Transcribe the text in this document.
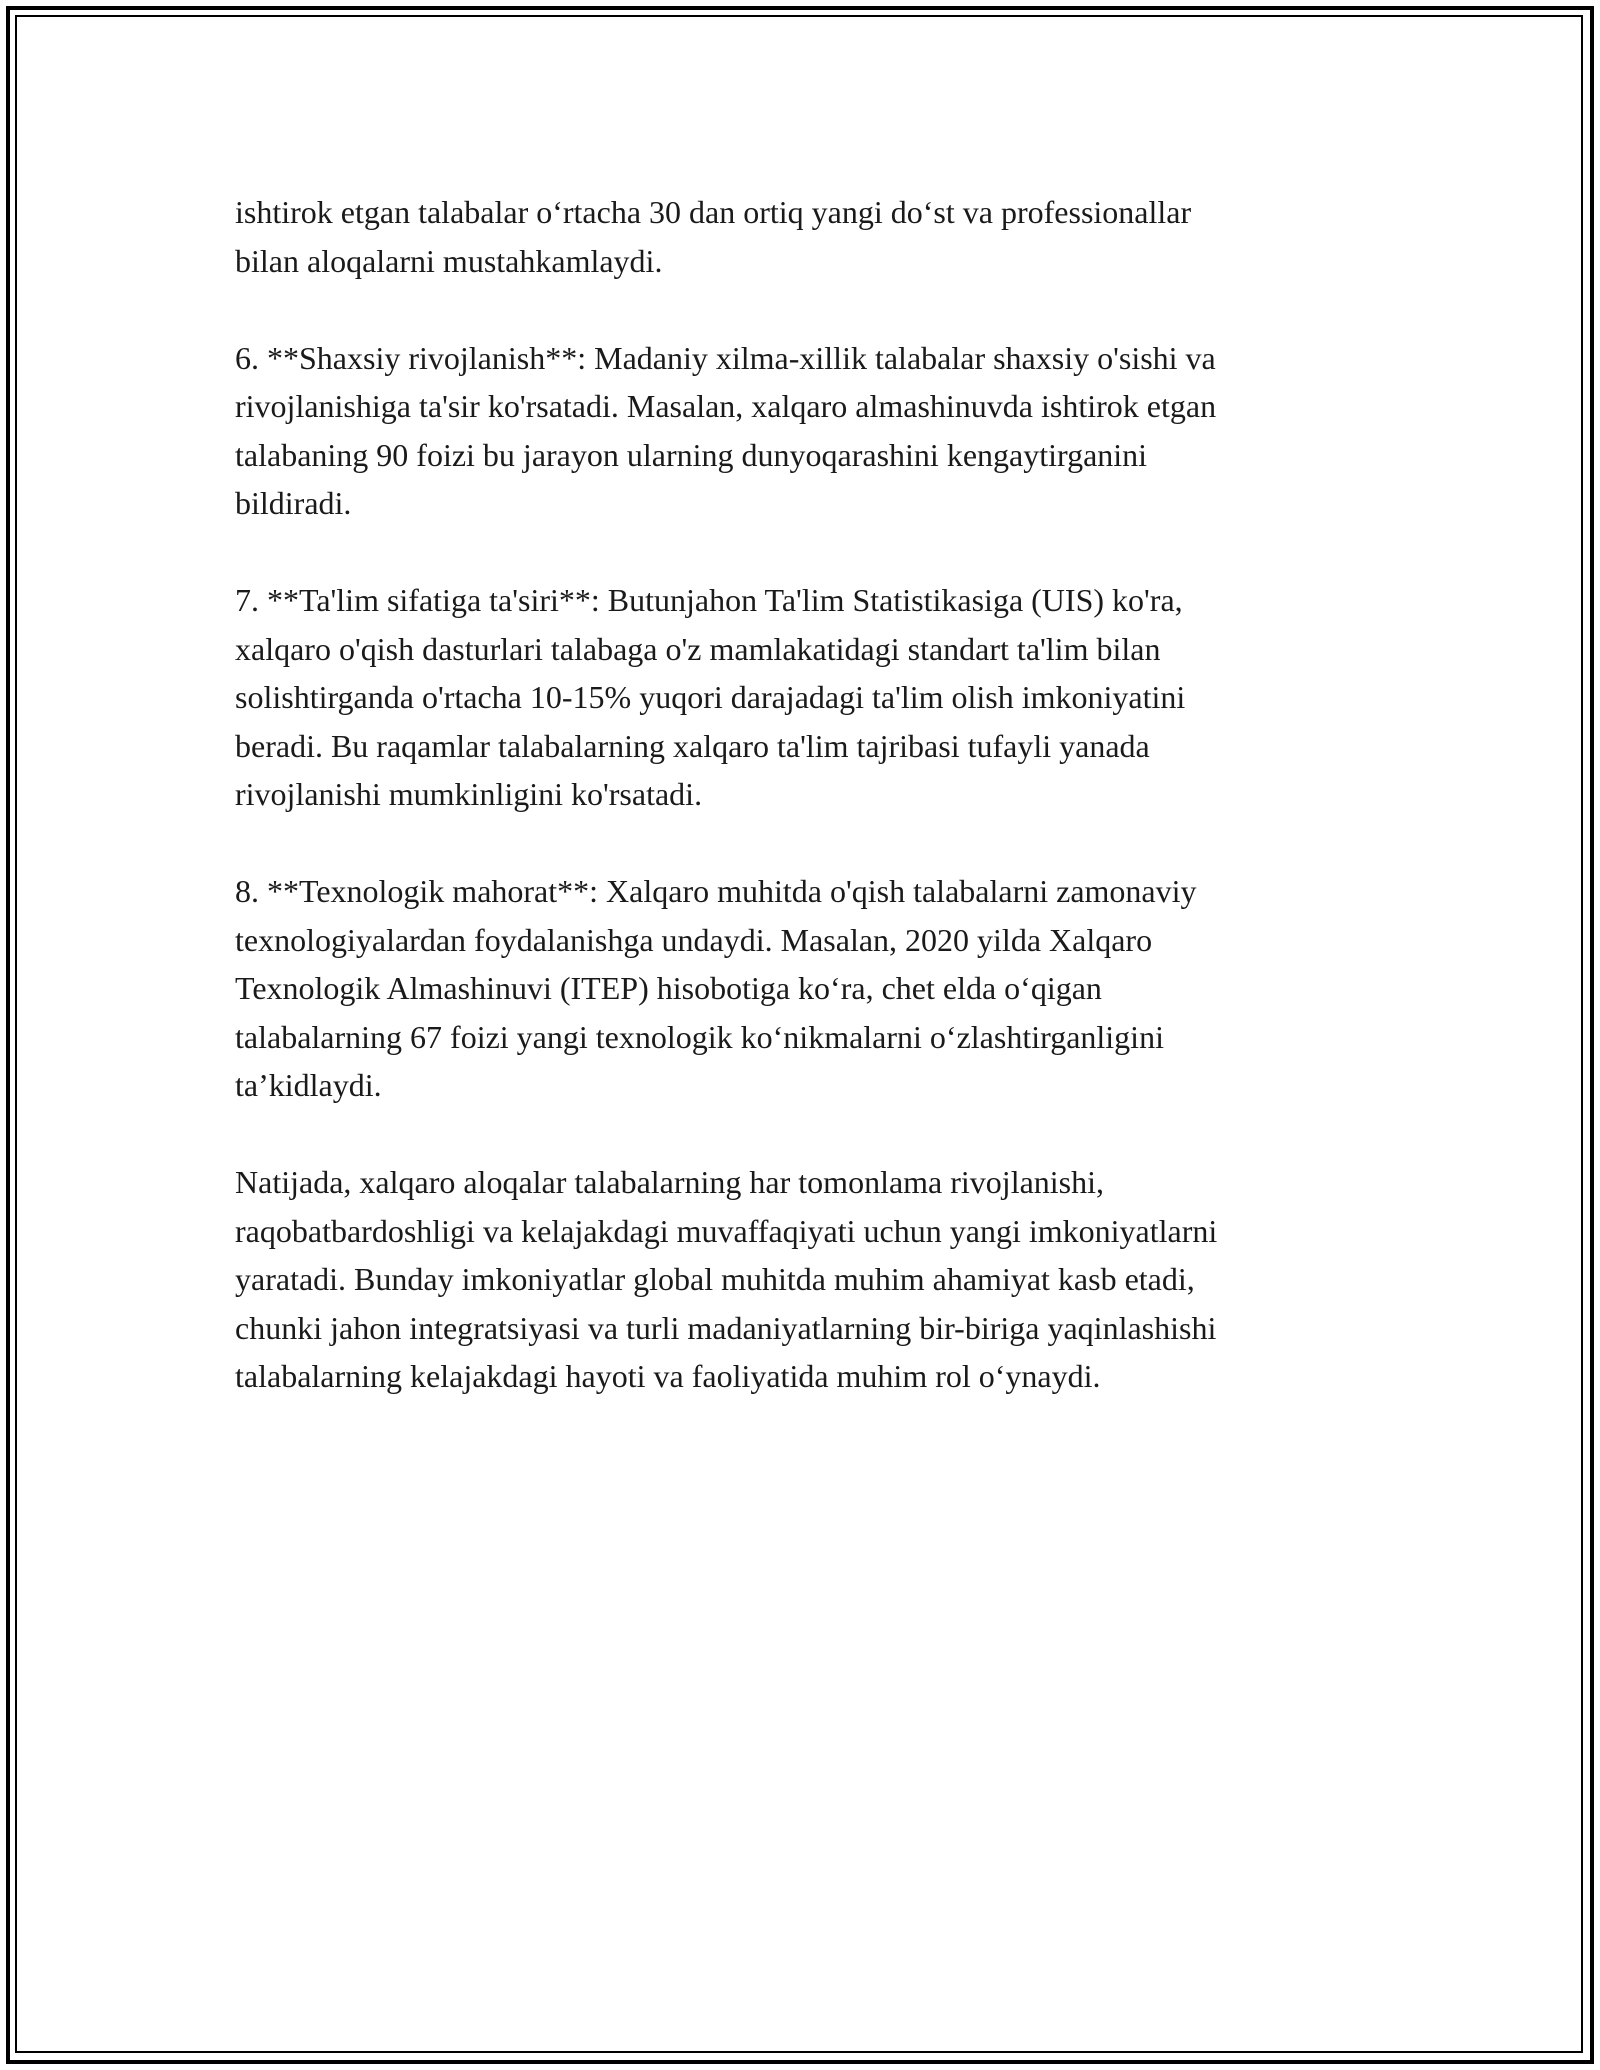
ishtirok etgan talabalar o‘rtacha 30 dan ortiq yangi do‘st va professionallar
bilan aloqalarni mustahkamlaydi.

6. **Shaxsiy rivojlanish**: Madaniy xilma-xillik talabalar shaxsiy o'sishi va
rivojlanishiga ta'sir ko'rsatadi. Masalan, xalqaro almashinuvda ishtirok etgan
talabaning 90 foizi bu jarayon ularning dunyoqarashini kengaytirganini
bildiradi.

7. **Ta'lim sifatiga ta'siri**: Butunjahon Ta'lim Statistikasiga (UIS) ko'ra,
xalqaro o'qish dasturlari talabaga o'z mamlakatidagi standart ta'lim bilan
solishtirganda o'rtacha 10-15% yuqori darajadagi ta'lim olish imkoniyatini
beradi. Bu raqamlar talabalarning xalqaro ta'lim tajribasi tufayli yanada
rivojlanishi mumkinligini ko'rsatadi.

8. **Texnologik mahorat**: Xalqaro muhitda o'qish talabalarni zamonaviy
texnologiyalardan foydalanishga undaydi. Masalan, 2020 yilda Xalqaro
Texnologik Almashinuvi (ITEP) hisobotiga ko‘ra, chet elda o‘qigan
talabalarning 67 foizi yangi texnologik ko‘nikmalarni o‘zlashtirganligini
ta’kidlaydi.

Natijada, xalqaro aloqalar talabalarning har tomonlama rivojlanishi,
raqobatbardoshligi va kelajakdagi muvaffaqiyati uchun yangi imkoniyatlarni
yaratadi. Bunday imkoniyatlar global muhitda muhim ahamiyat kasb etadi,
chunki jahon integratsiyasi va turli madaniyatlarning bir-biriga yaqinlashishi
talabalarning kelajakdagi hayoti va faoliyatida muhim rol o‘ynaydi.
